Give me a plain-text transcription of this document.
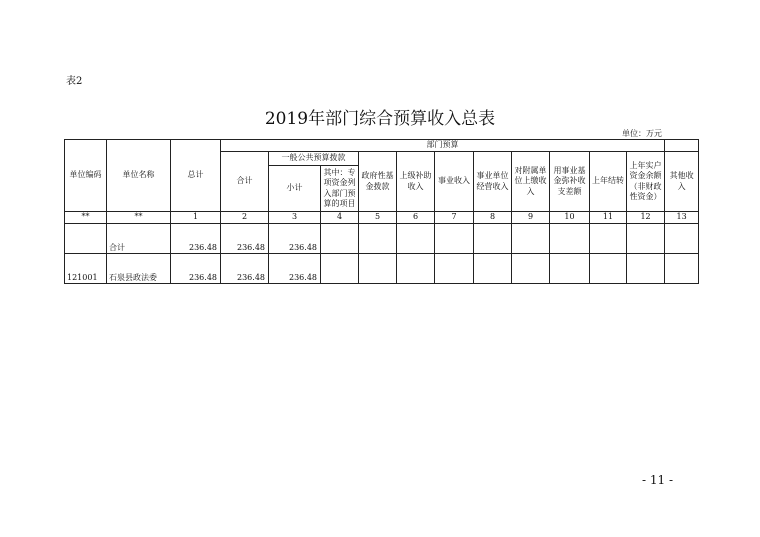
表2
2019年部门综合预算收入总表
单位：万元
单位编码	单位名称	总计	部门预算											
			合计	一般公共预算拨款		政府性基金拨款	上级补助收入	事业收入	事业单位经营收入	对附属单位上缴收入	用事业基金弥补收支差额	上年结转	上年实户资金余额（非财政性资金）	其他收入
				小计	其中：专项资金列入部门预算的项目									
**	**	1	2	3	4	5	6	7	8	9	10	11	12	13
	合计	236.48	236.48	236.48										
121001	石泉县政法委	236.48	236.48	236.48										
- 11 -
